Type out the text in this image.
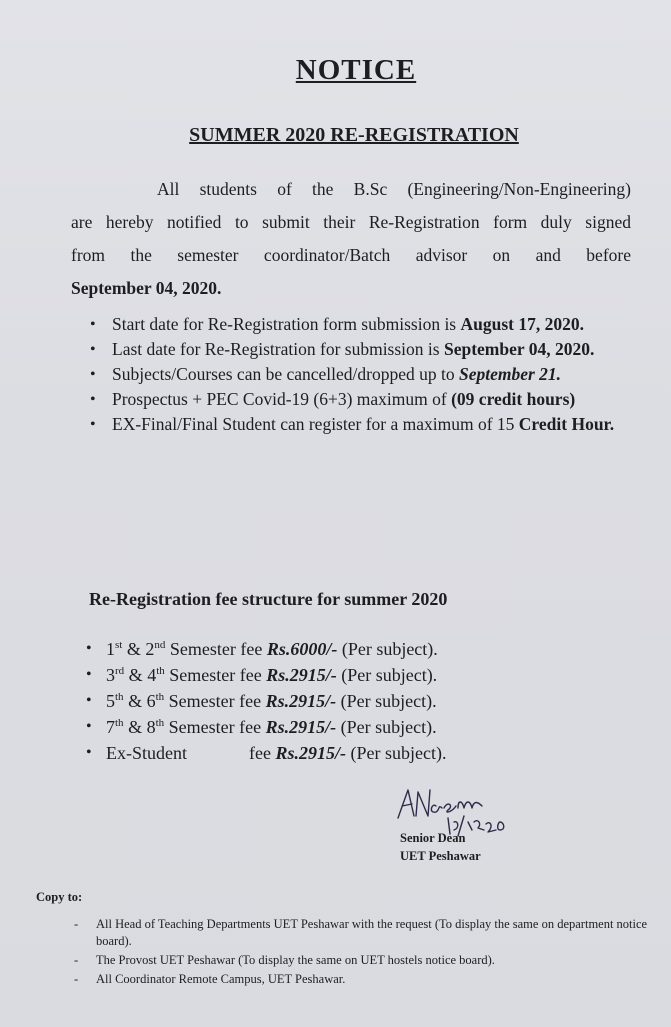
NOTICE
SUMMER 2020 RE-REGISTRATION
All students of the B.Sc (Engineering/Non-Engineering)
are hereby notified to submit their Re-Registration form duly signed
from the semester coordinator/Batch advisor on and before
September 04, 2020.
• Start date for Re-Registration form submission is August 17, 2020.
• Last date for Re-Registration for submission is September 04, 2020.
• Subjects/Courses can be cancelled/dropped up to September 21.
• Prospectus + PEC Covid-19 (6+3) maximum of (09 credit hours)
• EX-Final/Final Student can register for a maximum of 15 Credit Hour.
Re-Registration fee structure for summer 2020
• 1st & 2nd Semester fee Rs.6000/- (Per subject).
• 3rd & 4th Semester fee Rs.2915/- (Per subject).
• 5th & 6th Semester fee Rs.2915/- (Per subject).
• 7th & 8th Semester fee Rs.2915/- (Per subject).
• Ex-Student	fee Rs.2915/- (Per subject).
Senior Dean
UET Peshawar
Copy to:
- All Head of Teaching Departments UET Peshawar with the request (To display the same on department notice board).
- The Provost UET Peshawar (To display the same on UET hostels notice board).
- All Coordinator Remote Campus, UET Peshawar.
